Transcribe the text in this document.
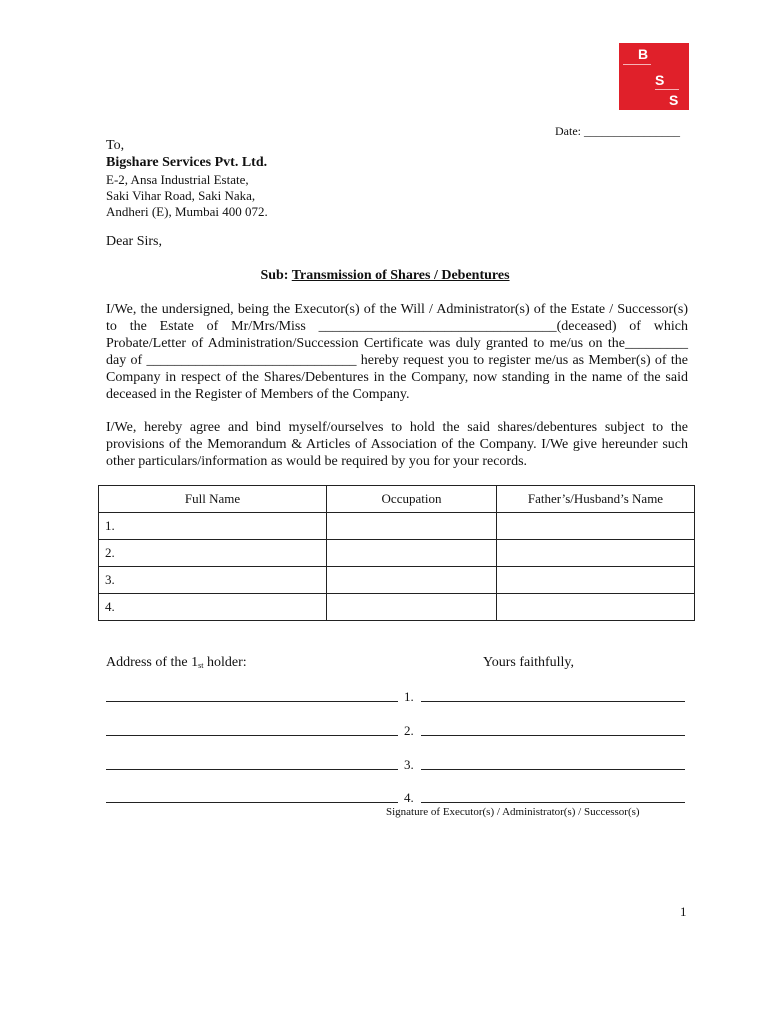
B
S
S
Date: ________________
To,
Bigshare Services Pvt. Ltd.
E-2, Ansa Industrial Estate,
Saki Vihar Road, Saki Naka,
Andheri (E), Mumbai 400 072.
Dear Sirs,
Sub: Transmission of Shares / Debentures
I/We, the undersigned, being the Executor(s) of the Will / Administrator(s) of the Estate / Successor(s) to the Estate of Mr/Mrs/Miss __________________________________(deceased) of which Probate/Letter of Administration/Succession Certificate was duly granted to me/us on the_________ day of ______________________________ hereby request you to register me/us as Member(s) of the Company in respect of the Shares/Debentures in the Company, now standing in the name of the said deceased in the Register of Members of the Company.
I/We, hereby agree and bind myself/ourselves to hold the said shares/debentures subject to the provisions of the Memorandum & Articles of Association of the Company. I/We give hereunder such other particulars/information as would be required by you for your records.
Full Name	Occupation	Father’s/Husband’s Name
1.		
2.		
3.		
4.		
Address of the $1_{st}$ holder:	Yours faithfully,
1.
2.
3.
4.
Signature of Executor(s) / Administrator(s) / Successor(s)
1
